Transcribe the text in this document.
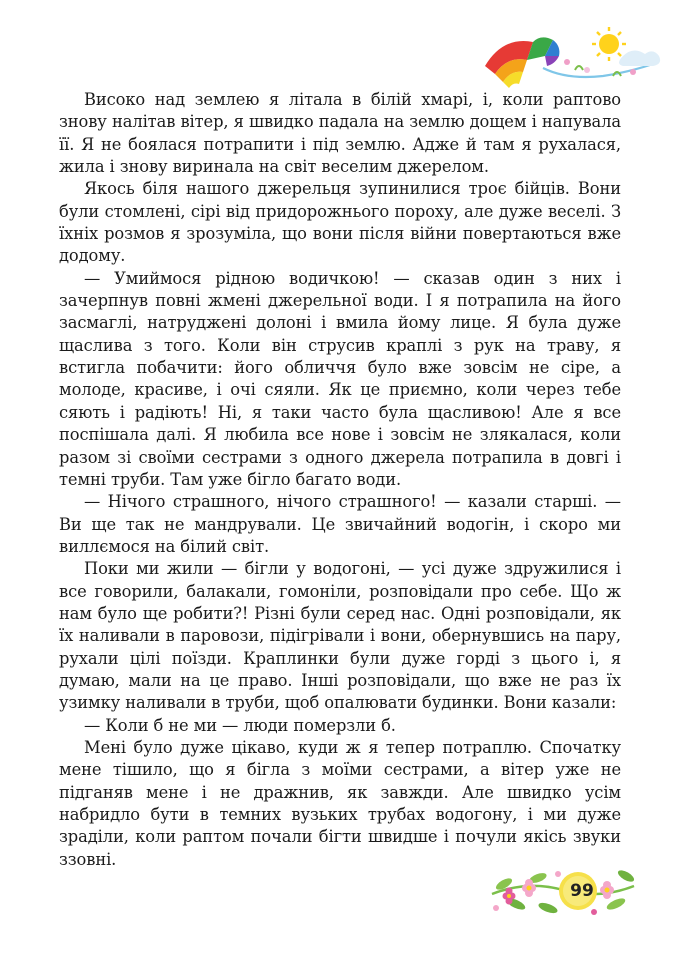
Високо над землею я літала в білій хмарі, і, коли раптово знову налітав вітер, я швидко падала на землю дощем і напувала її. Я не боялася потрапити і під землю. Адже й там я рухалася, жила і знову виринала на світ веселим джерелом.

Якось біля нашого джерельця зупинилися троє бійців. Вони були стомлені, сірі від придорожнього пороху, але дуже веселі. З їхніх розмов я зрозуміла, що вони після війни повертаються вже додому.

— Умиймося рідною водичкою! — сказав один з них і зачерпнув повні жмені джерельної води. І я потрапила на його засмаглі, натруджені долоні і вмила йому лице. Я була дуже щаслива з того. Коли він струсив краплі з рук на траву, я встигла побачити: його обличчя було вже зовсім не сіре, а молоде, красиве, і очі сяяли. Як це приємно, коли через тебе сяють і радіють! Ні, я таки часто була щасливою! Але я все поспішала далі. Я любила все нове і зовсім не злякалася, коли разом зі своїми сестрами з одного джерела потрапила в довгі і темні труби. Там уже бігло багато води.

— Нічого страшного, нічого страшного! — казали старші. — Ви ще так не мандрували. Це звичайний водогін, і скоро ми виллємося на білий світ.

Поки ми жили — бігли у водогоні, — усі дуже здружилися і все говорили, балакали, гомоніли, розповідали про себе. Що ж нам було ще робити?! Різні були серед нас. Одні розповідали, як їх наливали в паровози, підігрівали і вони, обернувшись на пару, рухали цілі поїзди. Краплинки були дуже горді з цього і, я думаю, мали на це право. Інші розповідали, що вже не раз їх узимку наливали в труби, щоб опалювати будинки. Вони казали:

— Коли б не ми — люди померзли б.

Мені було дуже цікаво, куди ж я тепер потраплю. Спочатку мене тішило, що я бігла з моїми сестрами, а вітер уже не підганяв мене і не дражнив, як завжди. Але швидко усім набридло бути в темних вузьких трубах водогону, і ми дуже зраділи, коли раптом почали бігти швидше і почули якісь звуки ззовні.

99
